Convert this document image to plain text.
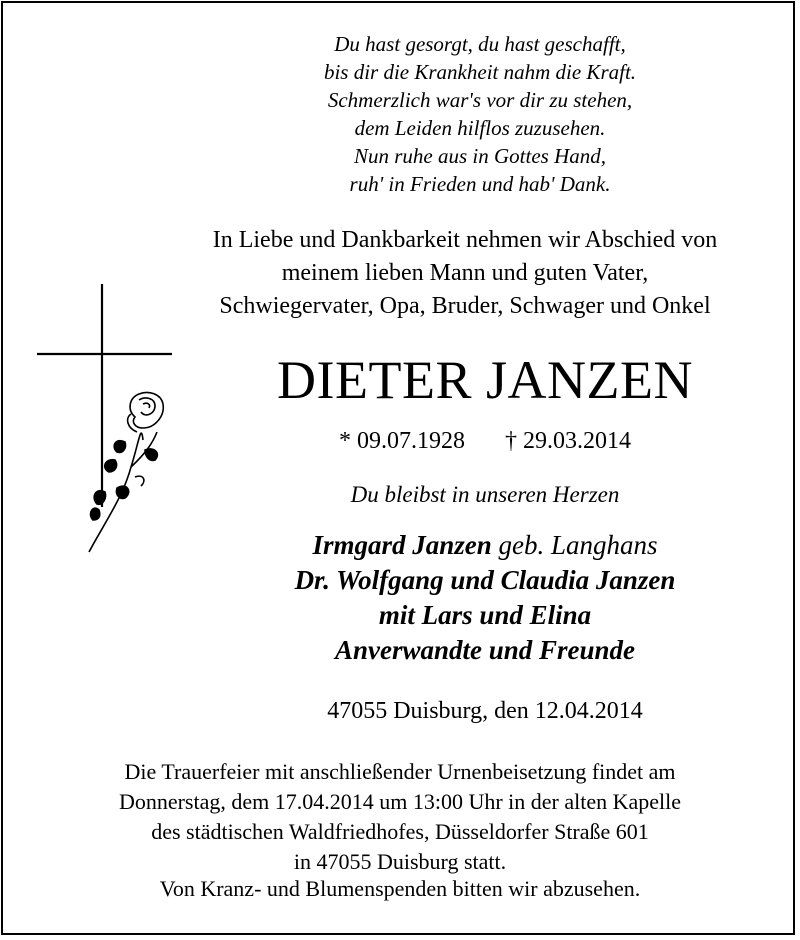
Du hast gesorgt, du hast geschafft,
bis dir die Krankheit nahm die Kraft.
Schmerzlich war's vor dir zu stehen,
dem Leiden hilflos zuzusehen.
Nun ruhe aus in Gottes Hand,
ruh' in Frieden und hab' Dank.
In Liebe und Dankbarkeit nehmen wir Abschied von
meinem lieben Mann und guten Vater,
Schwiegervater, Opa, Bruder, Schwager und Onkel
DIETER JANZEN
* 09.07.1928 † 29.03.2014
Du bleibst in unseren Herzen
Irmgard Janzen geb. Langhans
Dr. Wolfgang und Claudia Janzen
mit Lars und Elina
Anverwandte und Freunde
47055 Duisburg, den 12.04.2014
Die Trauerfeier mit anschließender Urnenbeisetzung findet am
Donnerstag, dem 17.04.2014 um 13:00 Uhr in der alten Kapelle
des städtischen Waldfriedhofes, Düsseldorfer Straße 601
in 47055 Duisburg statt.
Von Kranz- und Blumenspenden bitten wir abzusehen.
